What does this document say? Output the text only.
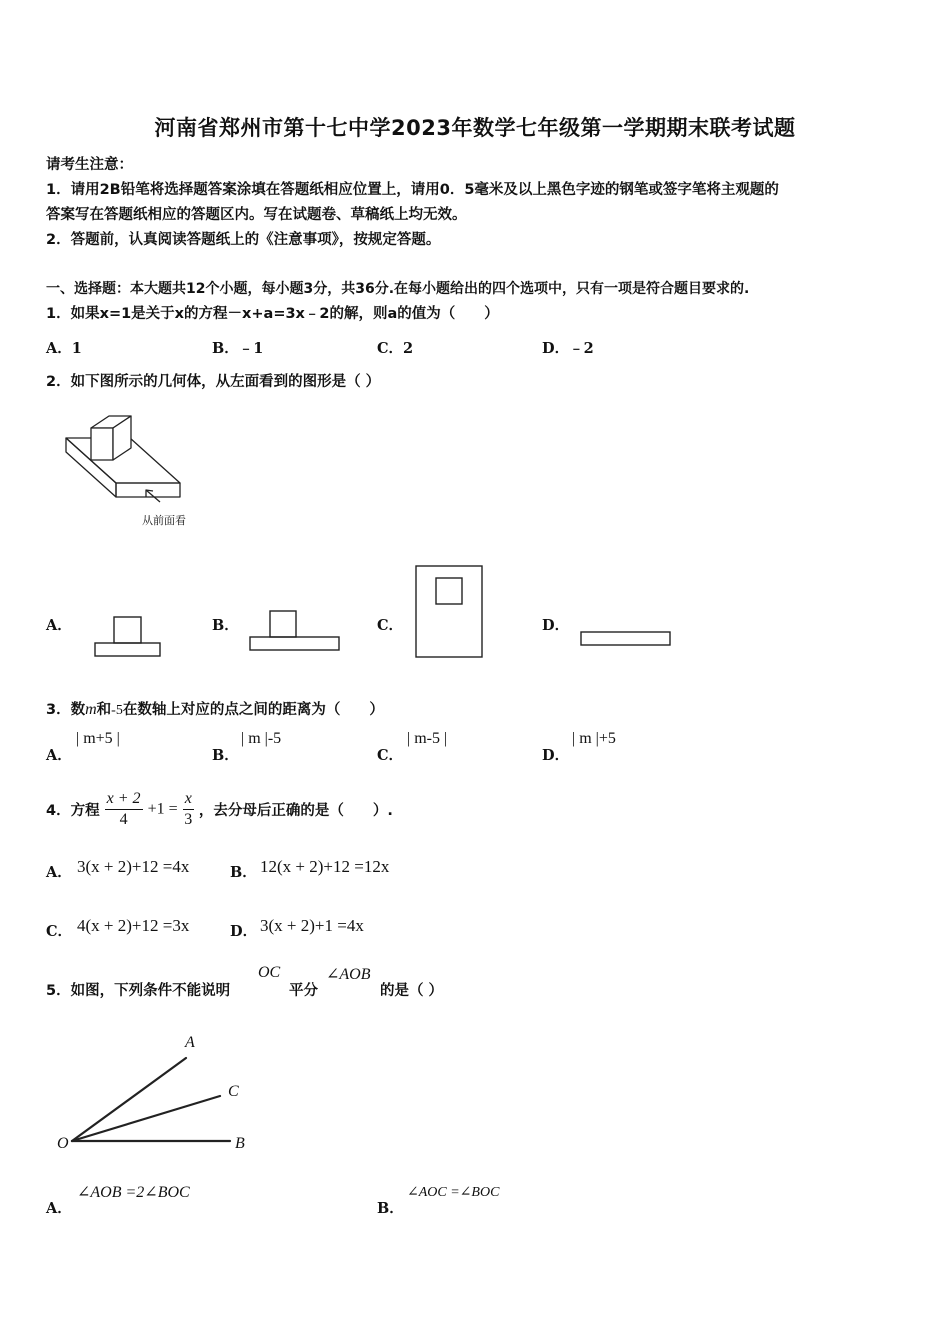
河南省郑州市第十七中学2023年数学七年级第一学期期末联考试题
请考生注意：
1．请用2B铅笔将选择题答案涂填在答题纸相应位置上，请用0．5毫米及以上黑色字迹的钢笔或签字笔将主观题的
答案写在答题纸相应的答题区内。写在试题卷、草稿纸上均无效。
2．答题前，认真阅读答题纸上的《注意事项》，按规定答题。
一、选择题：本大题共12个小题，每小题3分，共36分.在每小题给出的四个选项中，只有一项是符合题目要求的.
1．如果x=1是关于x的方程－x+a=3x﹣2的解，则a的值为（　　）
A．1	B．﹣1	C．2	D．﹣2
2．如下图所示的几何体，从左面看到的图形是（ ）
从前面看
A．	B．	C．	D．
3．数m和-5在数轴上对应的点之间的距离为（　　）
A．
| m+5 |
B．
| m |-5
C．
| m-5 |
D．
| m |+5
4．方程 $\frac{x + 2}{4} +1 = \frac{x}{3}$ ，去分母后正确的是（　　）.
A． 3(x + 2)+12 =4x	B． 12(x + 2)+12 =12x
C． 4(x + 2)+12 =3x	D． 3(x + 2)+1 =4x
5．如图，下列条件不能说明
OC
平分
∠AOB
的是（ ）
A
C
O	B
A．
∠AOB =2∠BOC
B．
∠AOC =∠BOC
